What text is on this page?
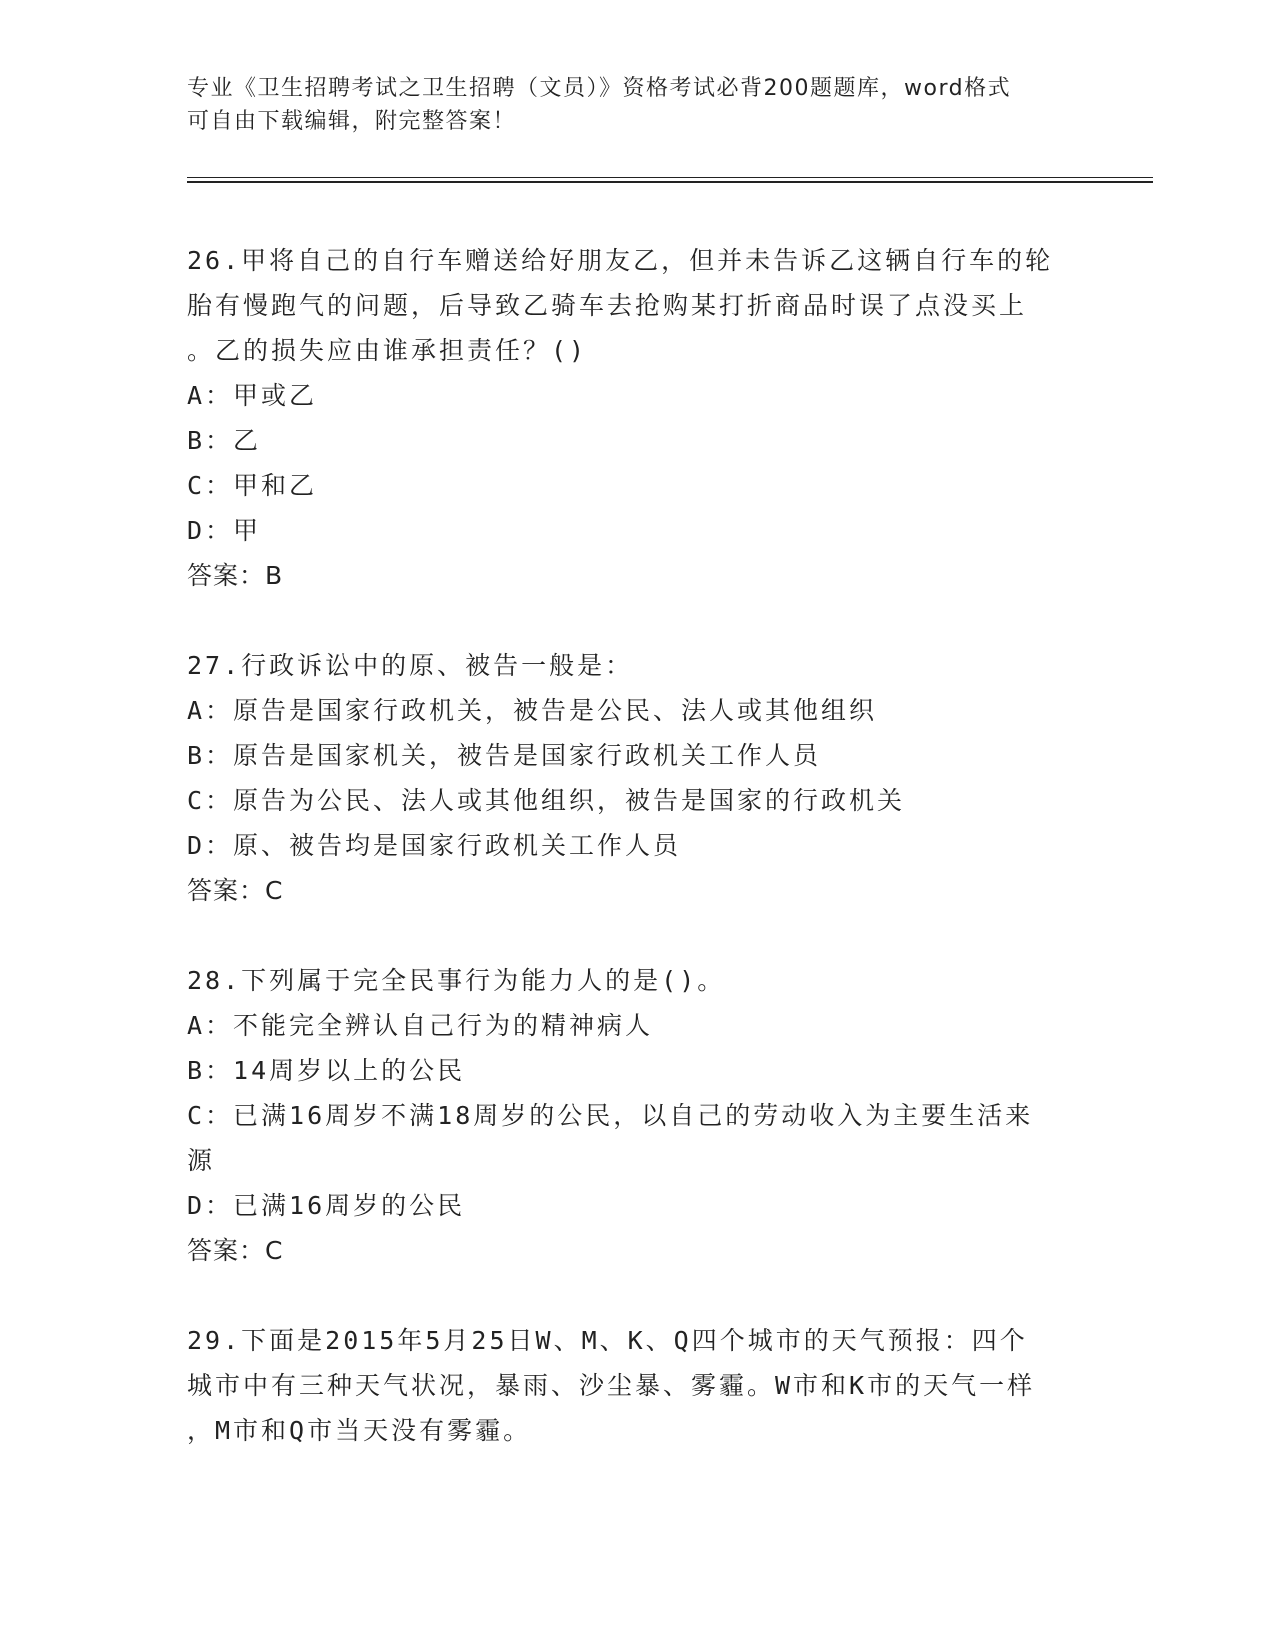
专业《卫生招聘考试之卫生招聘（文员）》资格考试必背200题题库，word格式
可自由下载编辑，附完整答案！
26.甲将自己的自行车赠送给好朋友乙，但并未告诉乙这辆自行车的轮
胎有慢跑气的问题，后导致乙骑车去抢购某打折商品时误了点没买上
。乙的损失应由谁承担责任？()
A：甲或乙
B：乙
C：甲和乙
D：甲
答案：B
27.行政诉讼中的原、被告一般是：
A：原告是国家行政机关，被告是公民、法人或其他组织
B：原告是国家机关，被告是国家行政机关工作人员
C：原告为公民、法人或其他组织，被告是国家的行政机关
D：原、被告均是国家行政机关工作人员
答案：C
28.下列属于完全民事行为能力人的是()。
A：不能完全辨认自己行为的精神病人
B：14周岁以上的公民
C：已满16周岁不满18周岁的公民，以自己的劳动收入为主要生活来
源
D：已满16周岁的公民
答案：C
29.下面是2015年5月25日W、M、K、Q四个城市的天气预报：四个
城市中有三种天气状况，暴雨、沙尘暴、雾霾。W市和K市的天气一样
，M市和Q市当天没有雾霾。
